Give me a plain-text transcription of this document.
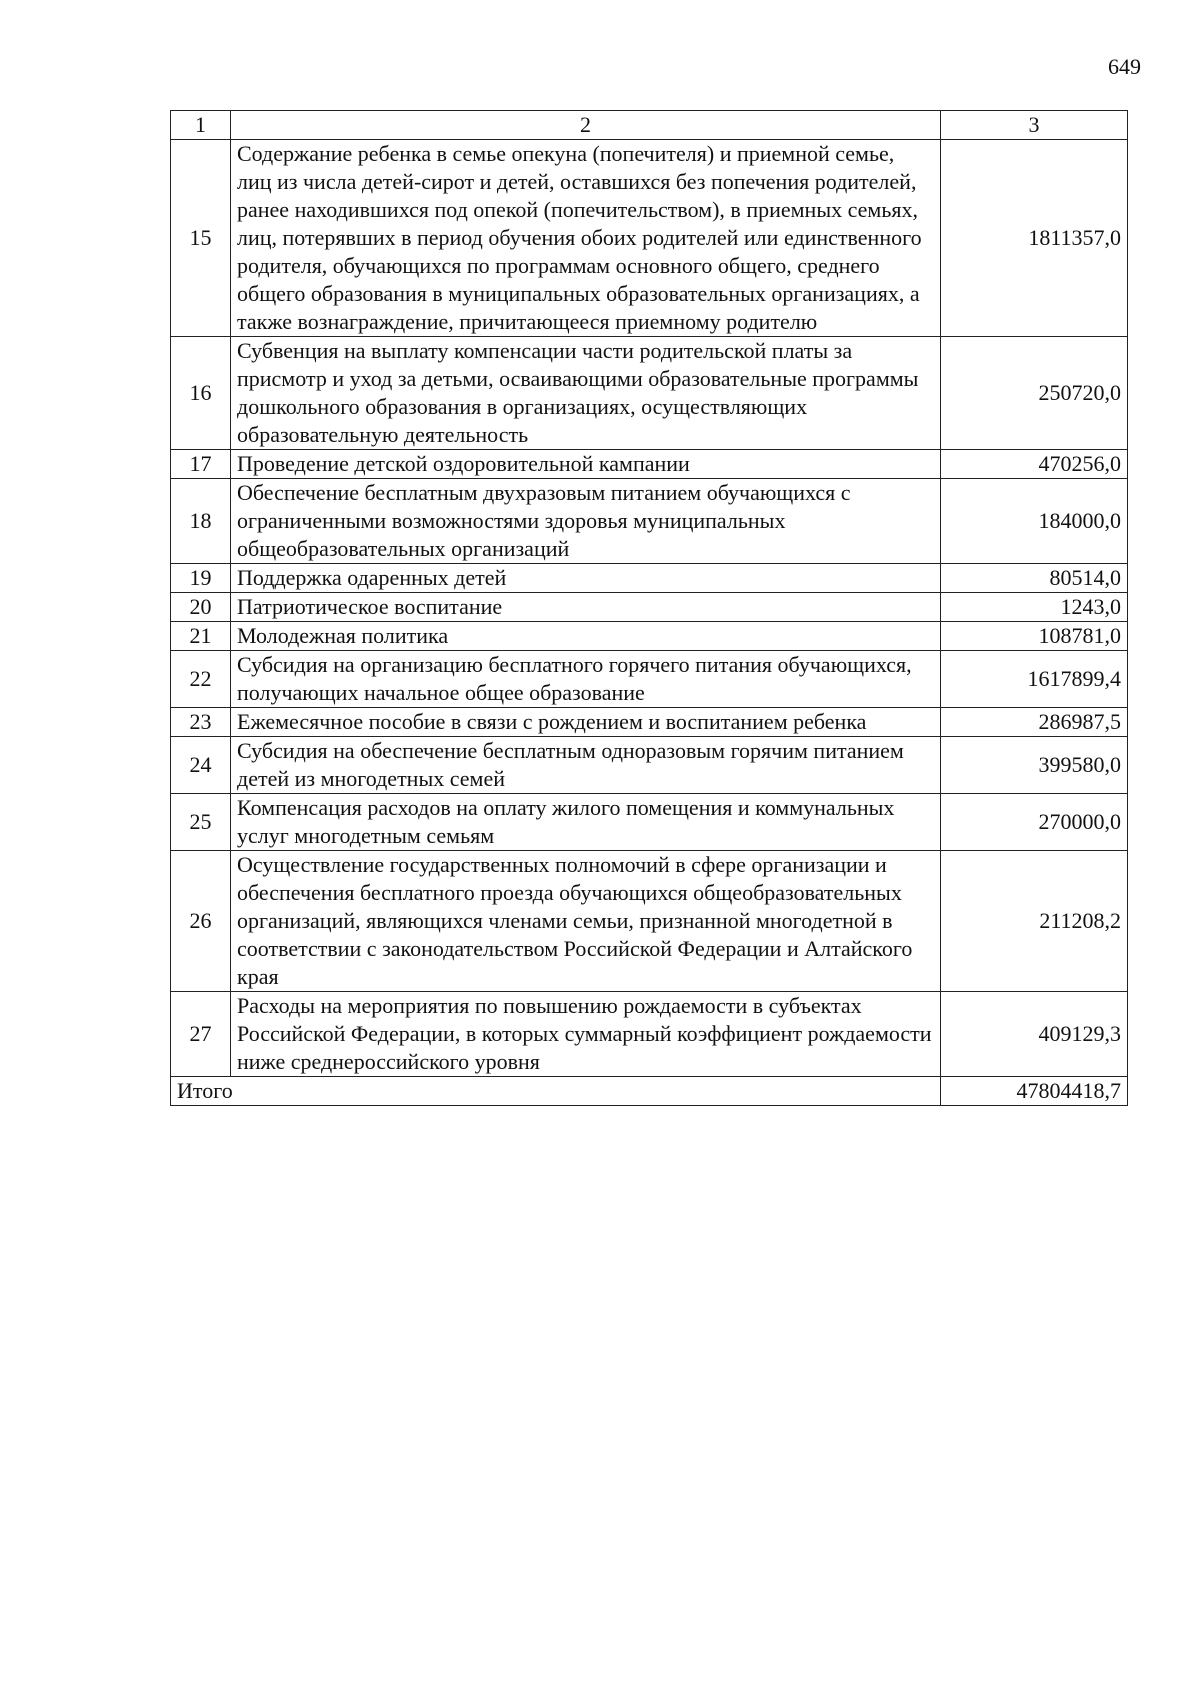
649
1	2	3
15	Содержание ребенка в семье опекуна (попечителя) и приемной семье, лиц из числа детей-сирот и детей, оставшихся без попечения родителей, ранее находившихся под опекой (попечительством), в приемных семьях, лиц, потерявших в период обучения обоих родителей или единственного родителя, обучающихся по программам основного общего, среднего общего образования в муниципальных образовательных организациях, а также вознаграждение, причитающееся приемному родителю	1811357,0
16	Субвенция на выплату компенсации части родительской платы за присмотр и уход за детьми, осваивающими образовательные программы дошкольного образования в организациях, осуществляющих образовательную деятельность	250720,0
17	Проведение детской оздоровительной кампании	470256,0
18	Обеспечение бесплатным двухразовым питанием обучающихся с ограниченными возможностями здоровья муниципальных общеобразовательных организаций	184000,0
19	Поддержка одаренных детей	80514,0
20	Патриотическое воспитание	1243,0
21	Молодежная политика	108781,0
22	Субсидия на организацию бесплатного горячего питания обучающихся, получающих начальное общее образование	1617899,4
23	Ежемесячное пособие в связи с рождением и воспитанием ребенка	286987,5
24	Субсидия на обеспечение бесплатным одноразовым горячим питанием детей из многодетных семей	399580,0
25	Компенсация расходов на оплату жилого помещения и коммунальных услуг многодетным семьям	270000,0
26	Осуществление государственных полномочий в сфере организации и обеспечения бесплатного проезда обучающихся общеобразовательных организаций, являющихся членами семьи, признанной многодетной в соответствии с законодательством Российской Федерации и Алтайского края	211208,2
27	Расходы на мероприятия по повышению рождаемости в субъектах Российской Федерации, в которых суммарный коэффициент рождаемости ниже среднероссийского уровня	409129,3
Итого		47804418,7
